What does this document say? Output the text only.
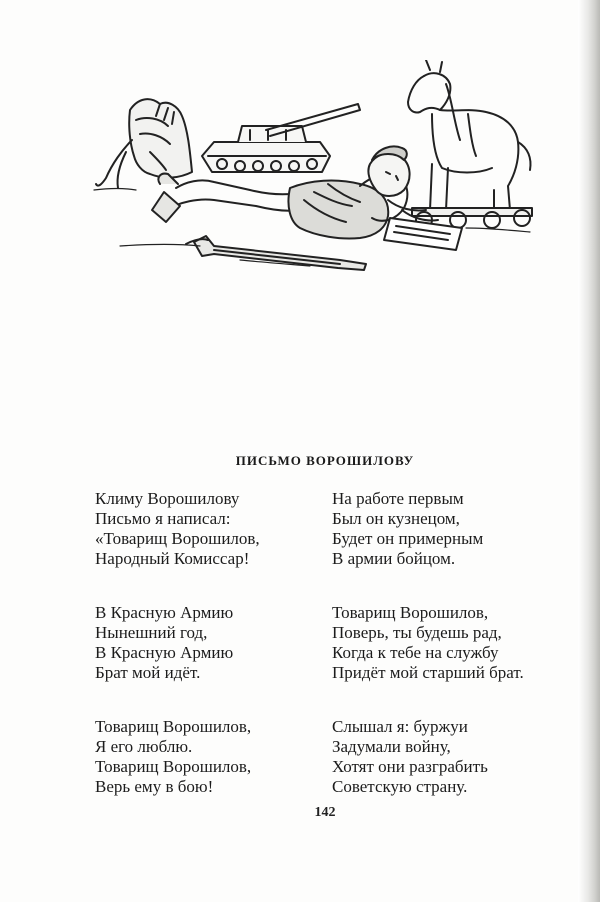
ПИСЬМО ВОРОШИЛОВУ
Климу Ворошилову
Письмо я написал:
«Товарищ Ворошилов,
Народный Комиссар!
На работе первым
Был он кузнецом,
Будет он примерным
В армии бойцом.
В Красную Армию
Нынешний год,
В Красную Армию
Брат мой идёт.
Товарищ Ворошилов,
Поверь, ты будешь рад,
Когда к тебе на службу
Придёт мой старший брат.
Товарищ Ворошилов,
Я его люблю.
Товарищ Ворошилов,
Верь ему в бою!
Слышал я: буржуи
Задумали войну,
Хотят они разграбить
Советскую страну.
142
